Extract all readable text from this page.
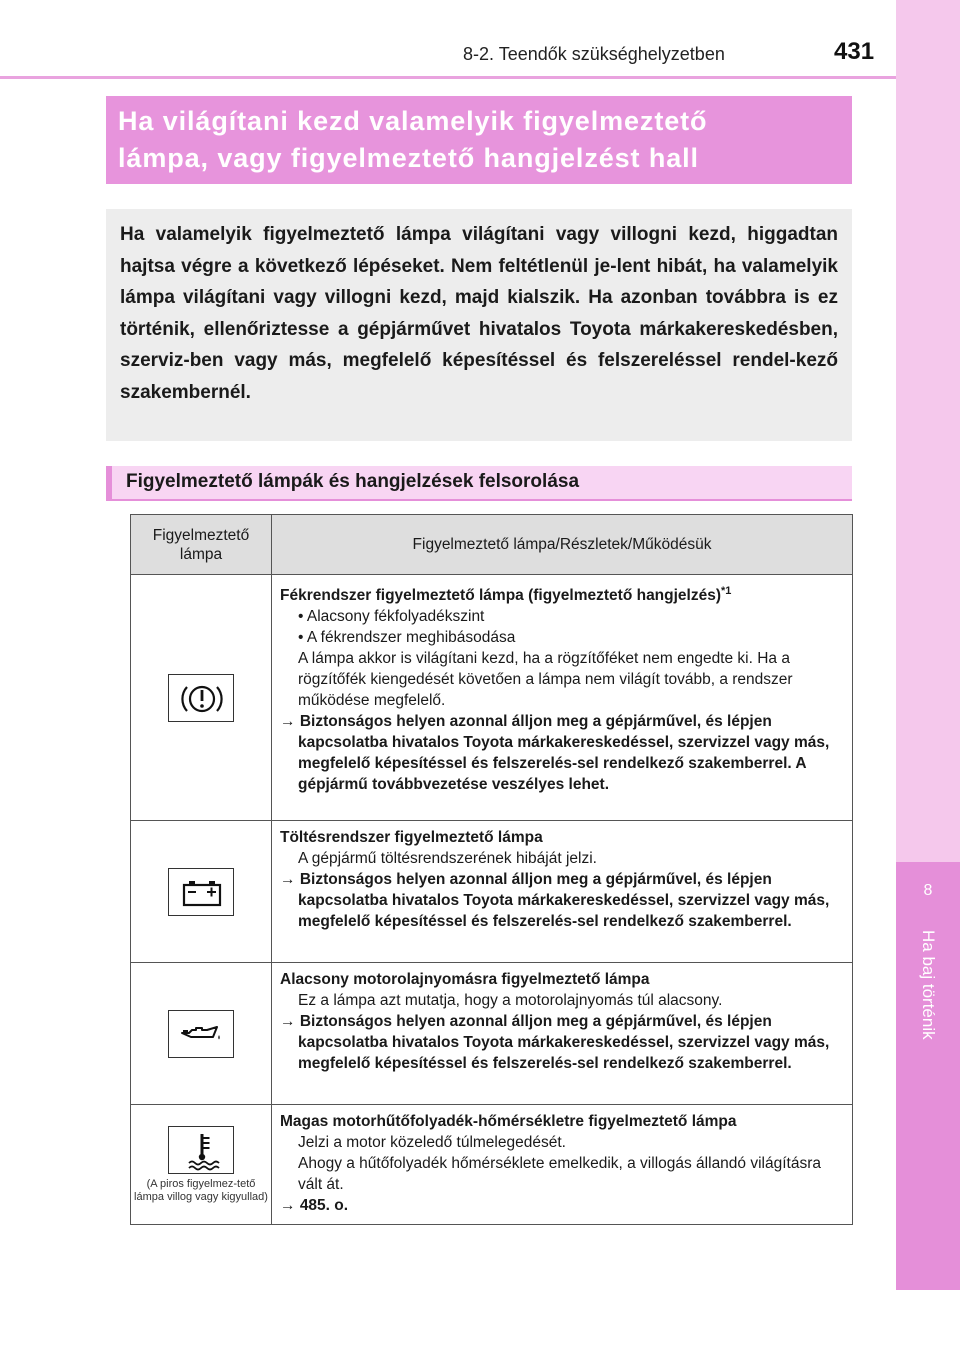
8
Ha baj történik
8-2. Teendők szükséghelyzetben	431
Ha világítani kezd valamelyik figyelmeztető
lámpa, vagy figyelmeztető hangjelzést hall

Ha valamelyik figyelmeztető lámpa világítani vagy villogni kezd, higgadtan hajtsa végre a következő lépéseket. Nem feltétlenül je-lent hibát, ha valamelyik lámpa világítani vagy villogni kezd, majd kialszik. Ha azonban továbbra is ez történik, ellenőriztesse a gépjárművet hivatalos Toyota márkakereskedésben, szerviz-ben vagy más, megfelelő képesítéssel és felszereléssel rendel-kező szakembernél.

Figyelmeztető lámpák és hangjelzések felsorolása
Figyelmeztető lámpa	Figyelmeztető lámpa/Részletek/Működésük

Fékrendszer figyelmeztető lámpa (figyelmeztető hangjelzés)$^{*1}$
• Alacsony fékfolyadékszint
• A fékrendszer meghibásodása
A lámpa akkor is világítani kezd, ha a rögzítőféket nem engedte ki. Ha a rögzítőfék kiengedését követően a lámpa nem világít tovább, a rendszer működése megfelelő.
→ Biztonságos helyen azonnal álljon meg a gépjárművel, és lépjen kapcsolatba hivatalos Toyota márkakereskedéssel, szervizzel vagy más, megfelelő képesítéssel és felszerelés-sel rendelkező szakemberrel. A gépjármű továbbvezetése veszélyes lehet.

Töltésrendszer figyelmeztető lámpa
A gépjármű töltésrendszerének hibáját jelzi.
→ Biztonságos helyen azonnal álljon meg a gépjárművel, és lépjen kapcsolatba hivatalos Toyota márkakereskedéssel, szervizzel vagy más, megfelelő képesítéssel és felszerelés-sel rendelkező szakemberrel.

Alacsony motorolajnyomásra figyelmeztető lámpa
Ez a lámpa azt mutatja, hogy a motorolajnyomás túl alacsony.
→ Biztonságos helyen azonnal álljon meg a gépjárművel, és lépjen kapcsolatba hivatalos Toyota márkakereskedéssel, szervizzel vagy más, megfelelő képesítéssel és felszerelés-sel rendelkező szakemberrel.

(A piros figyelmez-tető lámpa villog vagy kigyullad)	Magas motorhűtőfolyadék-hőmérsékletre figyelmeztető lámpa
Jelzi a motor közeledő túlmelegedését.
Ahogy a hűtőfolyadék hőmérséklete emelkedik, a villogás állandó világításra vált át.
→ 485. o.
